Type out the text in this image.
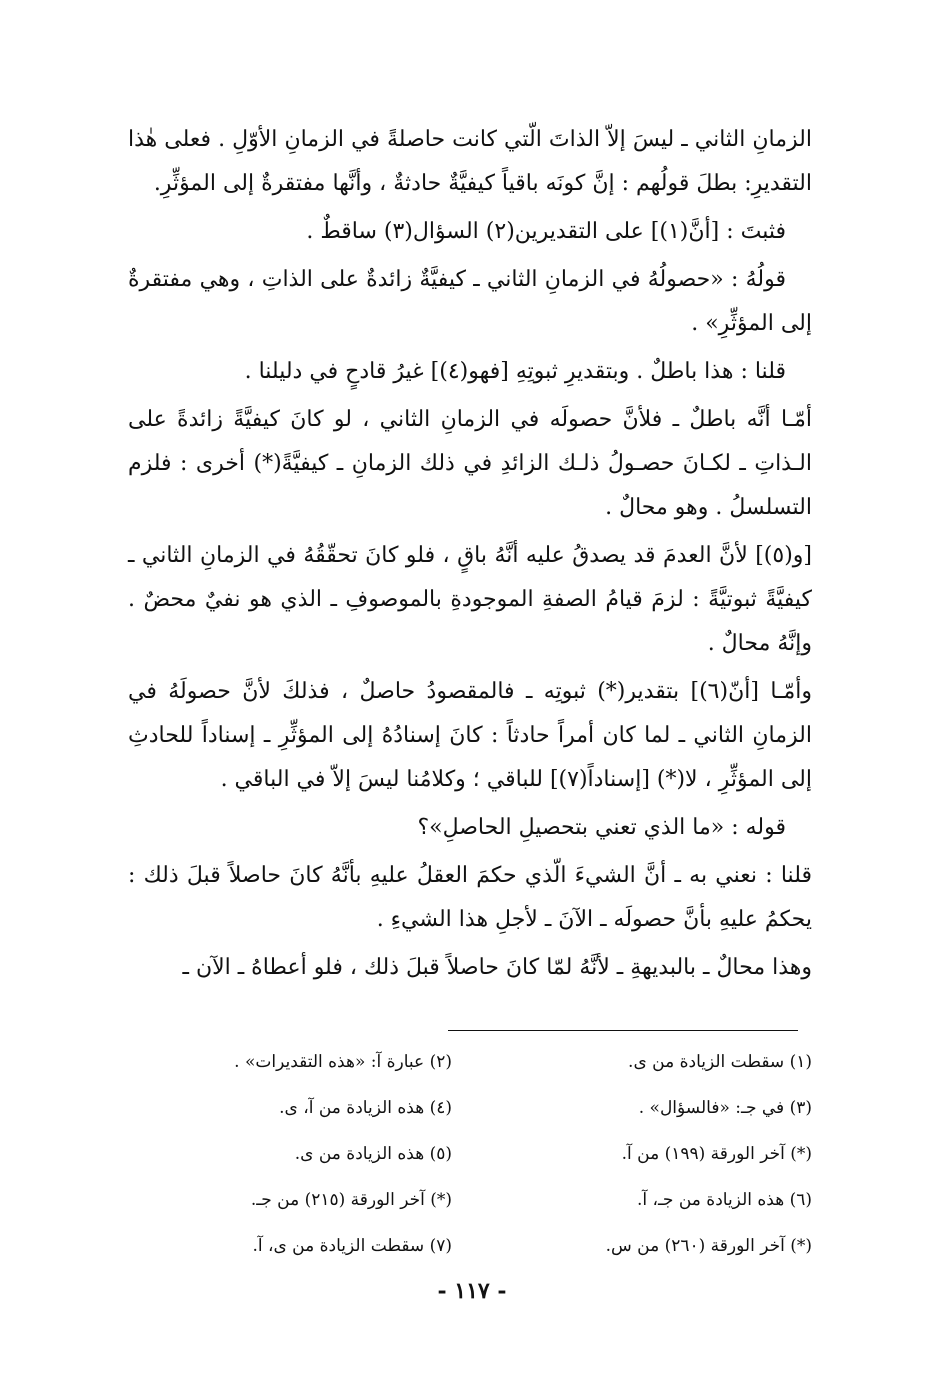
الزمانِ الثاني ـ ليسَ إلاّ الذاتَ الّتي كانت حاصلةً في الزمانِ الأوّلِ . فعلى هٰذا التقديرِ: بطلَ قولُهم : إنَّ كونَه باقياً كيفيَّةٌ حادثةٌ ، وأنَّها مفتقرةٌ إلى المؤثِّرِ.

فثبتَ : [أنَّ(١)] على التقديرين(٢) السؤال(٣) ساقطٌ .

قولُهُ : «حصولُهُ في الزمانِ الثاني ـ كيفيَّةٌ زائدةٌ على الذاتِ ، وهي مفتقرةٌ إلى المؤثِّرِ» .

قلنا : هذا باطلٌ . وبتقديرِ ثبوتِهِ [فهو(٤)] غيرُ قادحٍ في دليلنا .

أمّـا أنَّه باطلٌ ـ فلأنَّ حصولَه في الزمانِ الثاني ، لو كانَ كيفيَّةً زائدةً على الـذاتِ ـ لكـانَ حصـولُ ذلـك الزائدِ في ذلك الزمانِ ـ كيفيَّةً(*) أخرى : فلزم التسلسلُ . وهو محالٌ .

[و(٥)] لأنَّ العدمَ قد يصدقُ عليه أنَّهُ باقٍ ، فلو كانَ تحقّقُهُ في الزمانِ الثاني ـ كيفيَّةً ثبوتيَّةً : لزمَ قيامُ الصفةِ الموجودةِ بالموصوفِ ـ الذي هو نفيٌ محضٌ . وإنَّهُ محالٌ .

وأمّـا [أنّ(٦)] بتقدير(*) ثبوتِه ـ فالمقصودُ حاصلٌ ، فذلكَ لأنَّ حصولَهُ في الزمانِ الثاني ـ لما كان أمراً حادثاً : كانَ إسنادُهُ إلى المؤثِّرِ ـ إسناداً للحادثِ إلى المؤثِّرِ ، لا(*) [إسناداً(٧)] للباقي ؛ وكلامُنا ليسَ إلاّ في الباقي .

قوله : «ما الذي تعني بتحصيلِ الحاصلِ»؟

قلنا : نعني به ـ أنَّ الشيءَ الّذي حكمَ العقلُ عليهِ بأنَّهُ كانَ حاصلاً قبلَ ذلك : يحكمُ عليهِ بأنَّ حصولَه ـ الآنَ ـ لأجلِ هذا الشيءِ .

وهذا محالٌ ـ بالبديهةِ ـ لأنَّهُ لمّا كانَ حاصلاً قبلَ ذلك ، فلو أعطاهُ ـ الآن ـ

(١) سقطت الزيادة من ى.
(٢) عبارة آ: «هذه التقديرات» .
(٣) في جـ: «فالسؤال» .
(٤) هذه الزيادة من آ، ى.
(*) آخر الورقة (١٩٩) من آ.
(٥) هذه الزيادة من ى.
(٦) هذه الزيادة من جـ، آ.
(*) آخر الورقة (٢١٥) من جـ.
(*) آخر الورقة (٢٦٠) من س.
(٧) سقطت الزيادة من ى، آ.
- ١١٧ -
